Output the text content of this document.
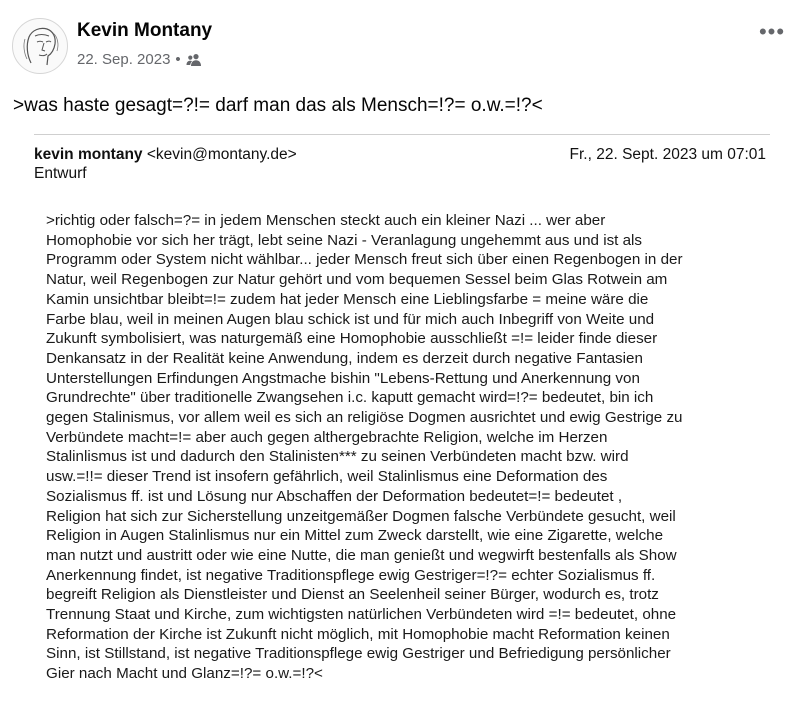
Kevin Montany
22. Sep. 2023 •
•••
>was haste gesagt=?!= darf man das als Mensch=!?= o.w.=!?<
kevin montany <kevin@montany.de>	Fr., 22. Sept. 2023 um 07:01
Entwurf
>richtig oder falsch=?= in jedem Menschen steckt auch ein kleiner Nazi ... wer aber
Homophobie vor sich her trägt, lebt seine Nazi - Veranlagung ungehemmt aus und ist als
Programm oder System nicht wählbar... jeder Mensch freut sich über einen Regenbogen in der
Natur, weil Regenbogen zur Natur gehört und vom bequemen Sessel beim Glas Rotwein am
Kamin unsichtbar bleibt=!= zudem hat jeder Mensch eine Lieblingsfarbe = meine wäre die
Farbe blau, weil in meinen Augen blau schick ist und für mich auch Inbegriff von Weite und
Zukunft symbolisiert, was naturgemäß eine Homophobie ausschließt =!= leider finde dieser
Denkansatz in der Realität keine Anwendung, indem es derzeit durch negative Fantasien
Unterstellungen Erfindungen Angstmache bishin "Lebens-Rettung und Anerkennung von
Grundrechte" über traditionelle Zwangsehen i.c. kaputt gemacht wird=!?= bedeutet, bin ich
gegen Stalinismus, vor allem weil es sich an religiöse Dogmen ausrichtet und ewig Gestrige zu
Verbündete macht=!= aber auch gegen althergebrachte Religion, welche im Herzen
Stalinlismus ist und dadurch den Stalinisten*** zu seinen Verbündeten macht bzw. wird
usw.=!!= dieser Trend ist insofern gefährlich, weil Stalinlismus eine Deformation des
Sozialismus ff. ist und Lösung nur Abschaffen der Deformation bedeutet=!= bedeutet ,
Religion hat sich zur Sicherstellung unzeitgemäßer Dogmen falsche Verbündete gesucht, weil
Religion in Augen Stalinlismus nur ein Mittel zum Zweck darstellt, wie eine Zigarette, welche
man nutzt und austritt oder wie eine Nutte, die man genießt und wegwirft bestenfalls als Show
Anerkennung findet, ist negative Traditionspflege ewig Gestriger=!?= echter Sozialismus ff.
begreift Religion als Dienstleister und Dienst an Seelenheil seiner Bürger, wodurch es, trotz
Trennung Staat und Kirche, zum wichtigsten natürlichen Verbündeten wird =!= bedeutet, ohne
Reformation der Kirche ist Zukunft nicht möglich, mit Homophobie macht Reformation keinen
Sinn, ist Stillstand, ist negative Traditionspflege ewig Gestriger und Befriedigung persönlicher
Gier nach Macht und Glanz=!?= o.w.=!?<
